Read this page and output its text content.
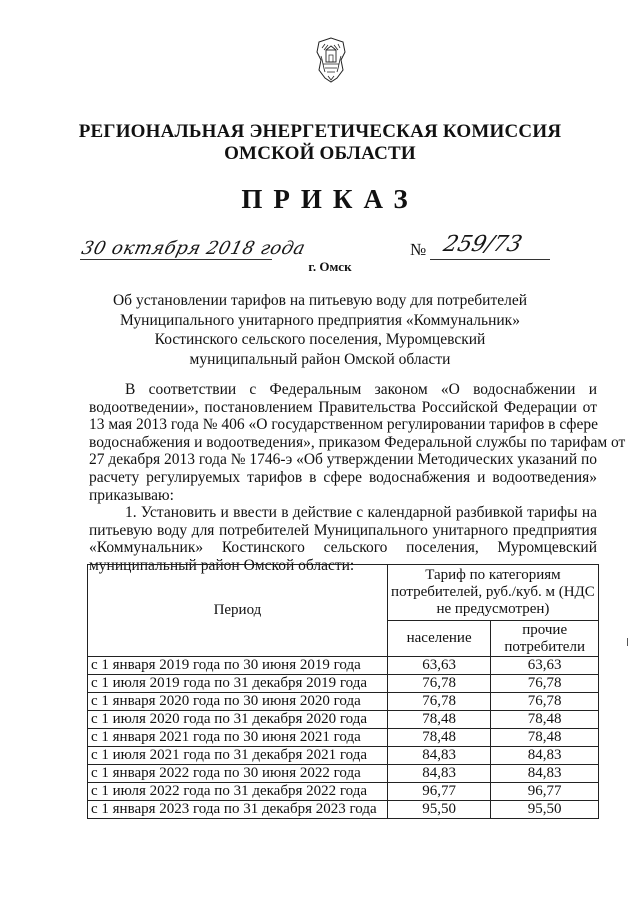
РЕГИОНАЛЬНАЯ ЭНЕРГЕТИЧЕСКАЯ КОМИССИЯ
ОМСКОЙ ОБЛАСТИ
ПРИКАЗ
30 октября 2018 года	№ 259/73
г. Омск
Об установлении тарифов на питьевую воду для потребителей
Муниципального унитарного предприятия «Коммунальник»
Костинского сельского поселения, Муромцевский
муниципальный район Омской области
В соответствии с Федеральным законом «О водоснабжении и
водоотведении», постановлением Правительства Российской Федерации от
13 мая 2013 года № 406 «О государственном регулировании тарифов в сфере
водоснабжения и водоотведения», приказом Федеральной службы по тарифам от
27 декабря 2013 года № 1746-э «Об утверждении Методических указаний по
расчету регулируемых тарифов в сфере водоснабжения и водоотведения»
приказываю:
1. Установить и ввести в действие с календарной разбивкой тарифы на
питьевую воду для потребителей Муниципального унитарного предприятия
«Коммунальник» Костинского сельского поселения, Муромцевский
муниципальный район Омской области:
Период	Тариф по категориям потребителей, руб./куб. м (НДС не предусмотрен)	
	население	прочие потребители
с 1 января 2019 года по 30 июня 2019 года	63,63	63,63
с 1 июля 2019 года по 31 декабря 2019 года	76,78	76,78
с 1 января 2020 года по 30 июня 2020 года	76,78	76,78
с 1 июля 2020 года по 31 декабря 2020 года	78,48	78,48
с 1 января 2021 года по 30 июня 2021 года	78,48	78,48
с 1 июля 2021 года по 31 декабря 2021 года	84,83	84,83
с 1 января 2022 года по 30 июня 2022 года	84,83	84,83
с 1 июля 2022 года по 31 декабря 2022 года	96,77	96,77
с 1 января 2023 года по 31 декабря 2023 года	95,50	95,50
